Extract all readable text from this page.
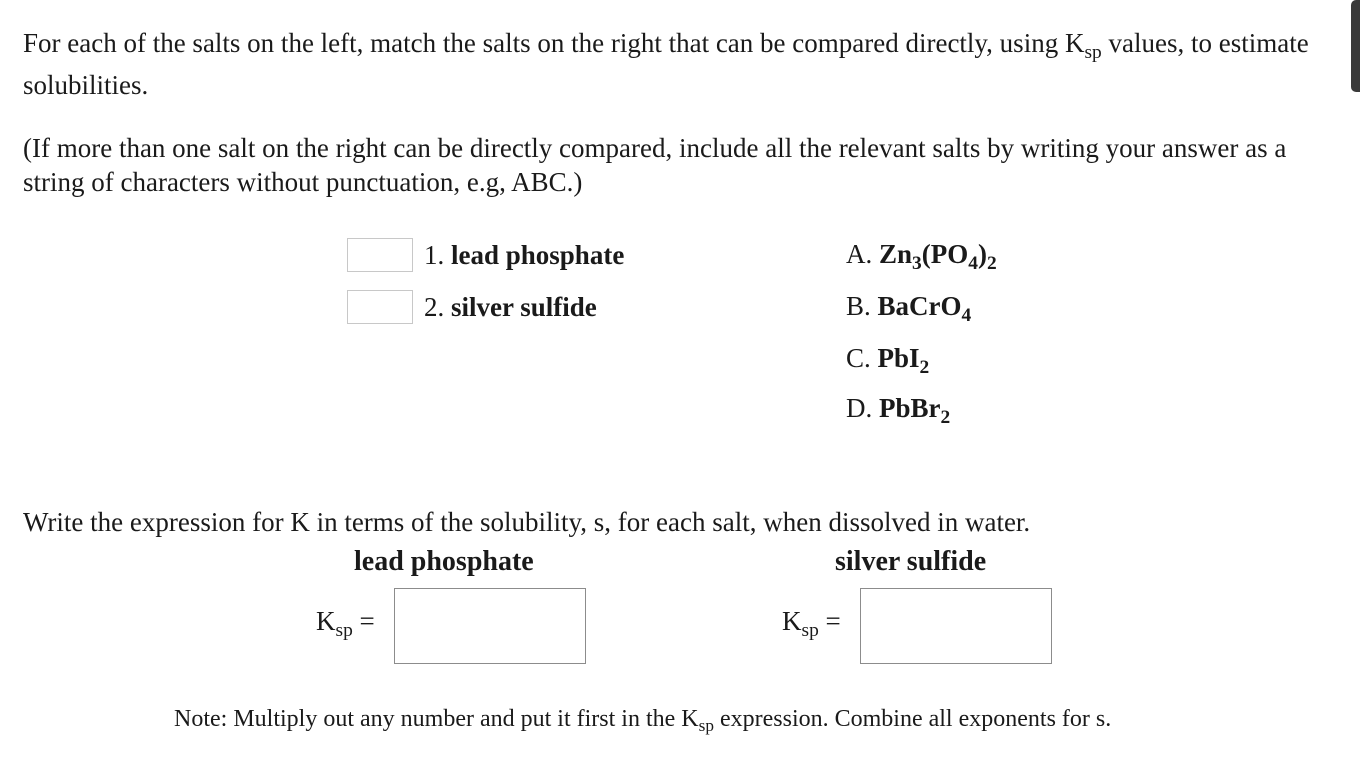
For each of the salts on the left, match the salts on the right that can be compared directly, using $K_{sp}$ values, to estimate solubilities.
(If more than one salt on the right can be directly compared, include all the relevant salts by writing your answer as a string of characters without punctuation, e.g, ABC.)
1. lead phosphate
2. silver sulfide
A. $Zn_3(PO_4)_2$
B. BaCrO$_4$
C. PbI$_2$
D. PbBr$_2$
Write the expression for K in terms of the solubility, s, for each salt, when dissolved in water.
lead phosphate	silver sulfide
$K_{sp}$ =	$K_{sp}$ =
Note: Multiply out any number and put it first in the $K_{sp}$ expression. Combine all exponents for s.
